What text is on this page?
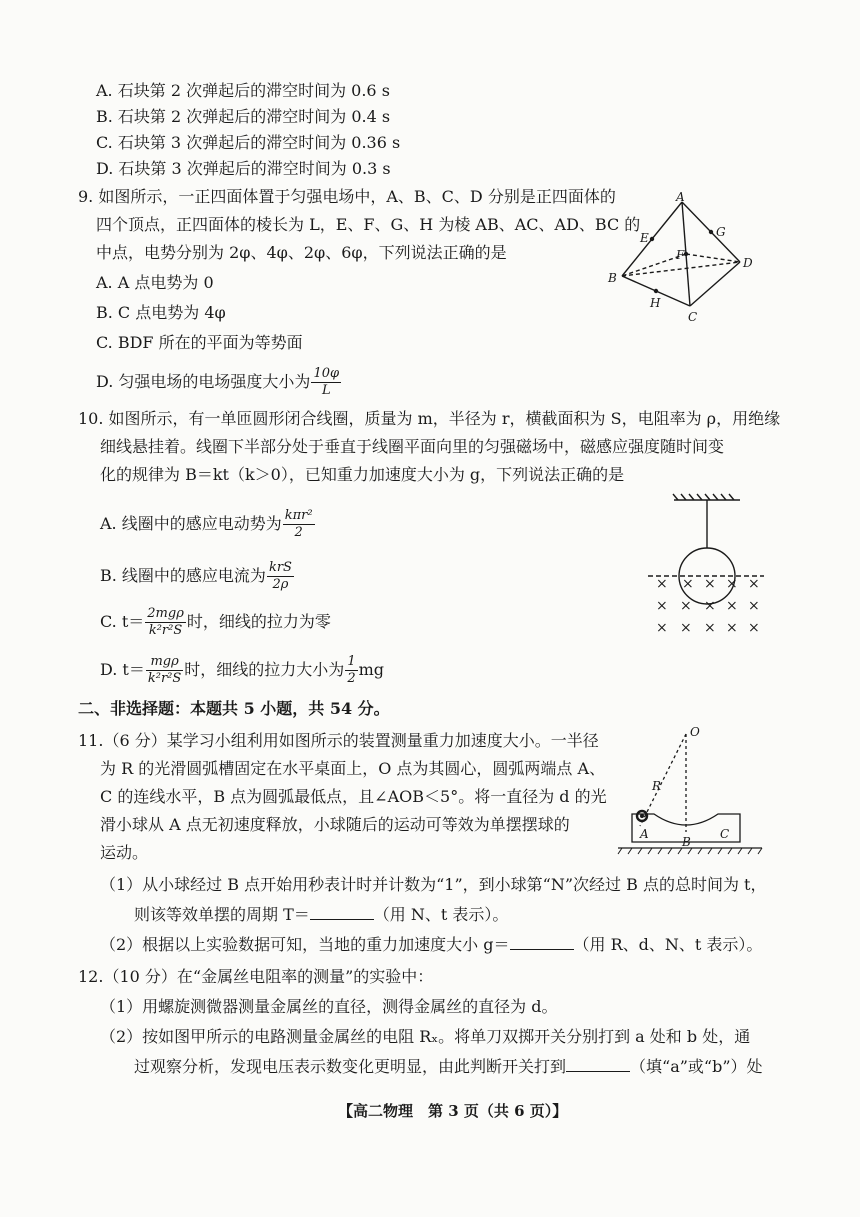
A. 石块第 2 次弹起后的滞空时间为 0.6 s
B. 石块第 2 次弹起后的滞空时间为 0.4 s
C. 石块第 3 次弹起后的滞空时间为 0.36 s
D. 石块第 3 次弹起后的滞空时间为 0.3 s
9. 如图所示，一正四面体置于匀强电场中，A、B、C、D 分别是正四面体的
四个顶点，正四面体的棱长为 L，E、F、G、H 为棱 AB、AC、AD、BC 的
中点，电势分别为 2φ、4φ、2φ、6φ，下列说法正确的是
A. A 点电势为 0
B. C 点电势为 4φ
C. BDF 所在的平面为等势面
D. 匀强电场的电场强度大小为 $\frac{10\varphi}{L}$
A
B
C
D
E
F
G
H
10. 如图所示，有一单匝圆形闭合线圈，质量为 m，半径为 r，横截面积为 S，电阻率为 ρ，用绝缘
细线悬挂着。线圈下半部分处于垂直于线圈平面向里的匀强磁场中，磁感应强度随时间变
化的规律为 B＝kt（k＞0），已知重力加速度大小为 g，下列说法正确的是
A. 线圈中的感应电动势为 $\frac{\text{kπr²}}{2}$
B. 线圈中的感应电流为 $\frac{\text{krS}}{2\rho}$
C. $t= \frac{\text{2mgρ}}{\text{k²r²S}}$ 时，细线的拉力为零
D. $t= \frac{\text{mgρ}}{\text{k²r²S}}$ 时，细线的拉力大小为 $\frac{1}{2}$ mg
× × × × ×
× × × × ×
× × × × ×
二、非选择题：本题共 5 小题，共 54 分。
11.（6 分）某学习小组利用如图所示的装置测量重力加速度大小。一半径
为 R 的光滑圆弧槽固定在水平桌面上，O 点为其圆心，圆弧两端点 A、
C 的连线水平，B 点为圆弧最低点，且∠AOB＜5°。将一直径为 d 的光
滑小球从 A 点无初速度释放，小球随后的运动可等效为单摆摆球的
运动。
（1）从小球经过 B 点开始用秒表计时并计数为“1”，到小球第“N”次经过 B 点的总时间为 t，
则该等效单摆的周期 T＝	（用 N、t 表示）。
（2）根据以上实验数据可知，当地的重力加速度大小 g＝	（用 R、d、N、t 表示）。
O
R
A
B
C
12.（10 分）在“金属丝电阻率的测量”的实验中：
（1）用螺旋测微器测量金属丝的直径，测得金属丝的直径为 d。
（2）按如图甲所示的电路测量金属丝的电阻 Rₓ。将单刀双掷开关分别打到 a 处和 b 处，通
过观察分析，发现电压表示数变化更明显，由此判断开关打到	（填“a”或“b”）处
【高二物理　第 3 页（共 6 页）】
